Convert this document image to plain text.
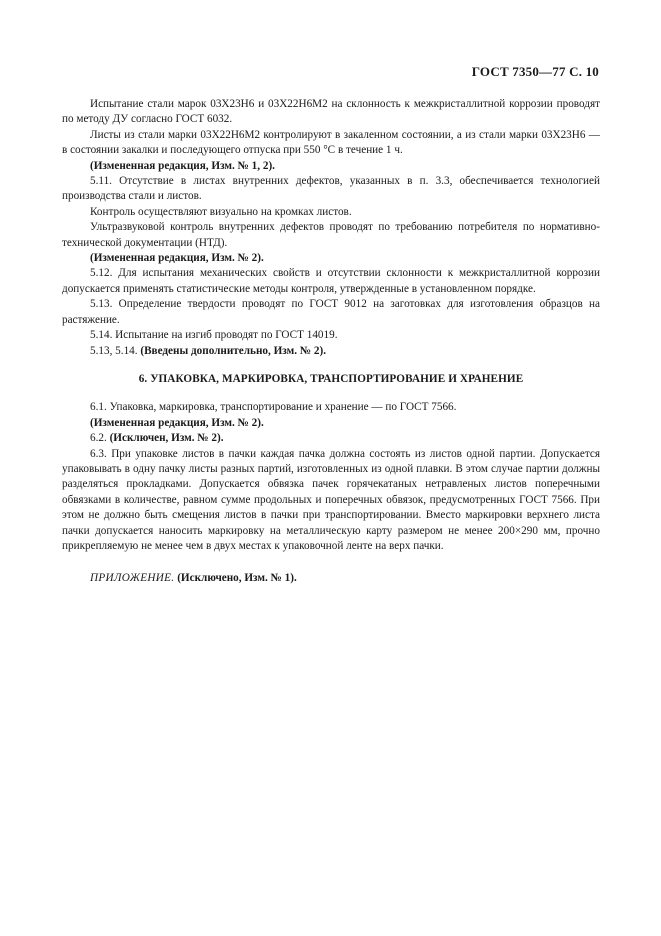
ГОСТ 7350—77 С. 10

Испытание стали марок 03Х23Н6 и 03Х22Н6М2 на склонность к межкристаллитной коррозии проводят по методу ДУ согласно ГОСТ 6032.

Листы из стали марки 03Х22Н6М2 контролируют в закаленном состоянии, а из стали марки 03Х23Н6 — в состоянии закалки и последующего отпуска при 550 °С в течение 1 ч.

(Измененная редакция, Изм. № 1, 2).

5.11. Отсутствие в листах внутренних дефектов, указанных в п. 3.3, обеспечивается технологией производства стали и листов.

Контроль осуществляют визуально на кромках листов.

Ультразвуковой контроль внутренних дефектов проводят по требованию потребителя по нормативно-технической документации (НТД).

(Измененная редакция, Изм. № 2).

5.12. Для испытания механических свойств и отсутствии склонности к межкристаллитной коррозии допускается применять статистические методы контроля, утвержденные в установленном порядке.

5.13. Определение твердости проводят по ГОСТ 9012 на заготовках для изготовления образцов на растяжение.

5.14. Испытание на изгиб проводят по ГОСТ 14019.

5.13, 5.14. (Введены дополнительно, Изм. № 2).

6. УПАКОВКА, МАРКИРОВКА, ТРАНСПОРТИРОВАНИЕ И ХРАНЕНИЕ

6.1. Упаковка, маркировка, транспортирование и хранение — по ГОСТ 7566.

(Измененная редакция, Изм. № 2).

6.2. (Исключен, Изм. № 2).

6.3. При упаковке листов в пачки каждая пачка должна состоять из листов одной партии. Допускается упаковывать в одну пачку листы разных партий, изготовленных из одной плавки. В этом случае партии должны разделяться прокладками. Допускается обвязка пачек горячекатаных нетравленых листов поперечными обвязками в количестве, равном сумме продольных и поперечных обвязок, предусмотренных ГОСТ 7566. При этом не должно быть смещения листов в пачки при транспортировании. Вместо маркировки верхнего листа пачки допускается наносить маркировку на металлическую карту размером не менее 200×290 мм, прочно прикрепляемую не менее чем в двух местах к упаковочной ленте на верх пачки.

ПРИЛОЖЕНИЕ. (Исключено, Изм. № 1).
